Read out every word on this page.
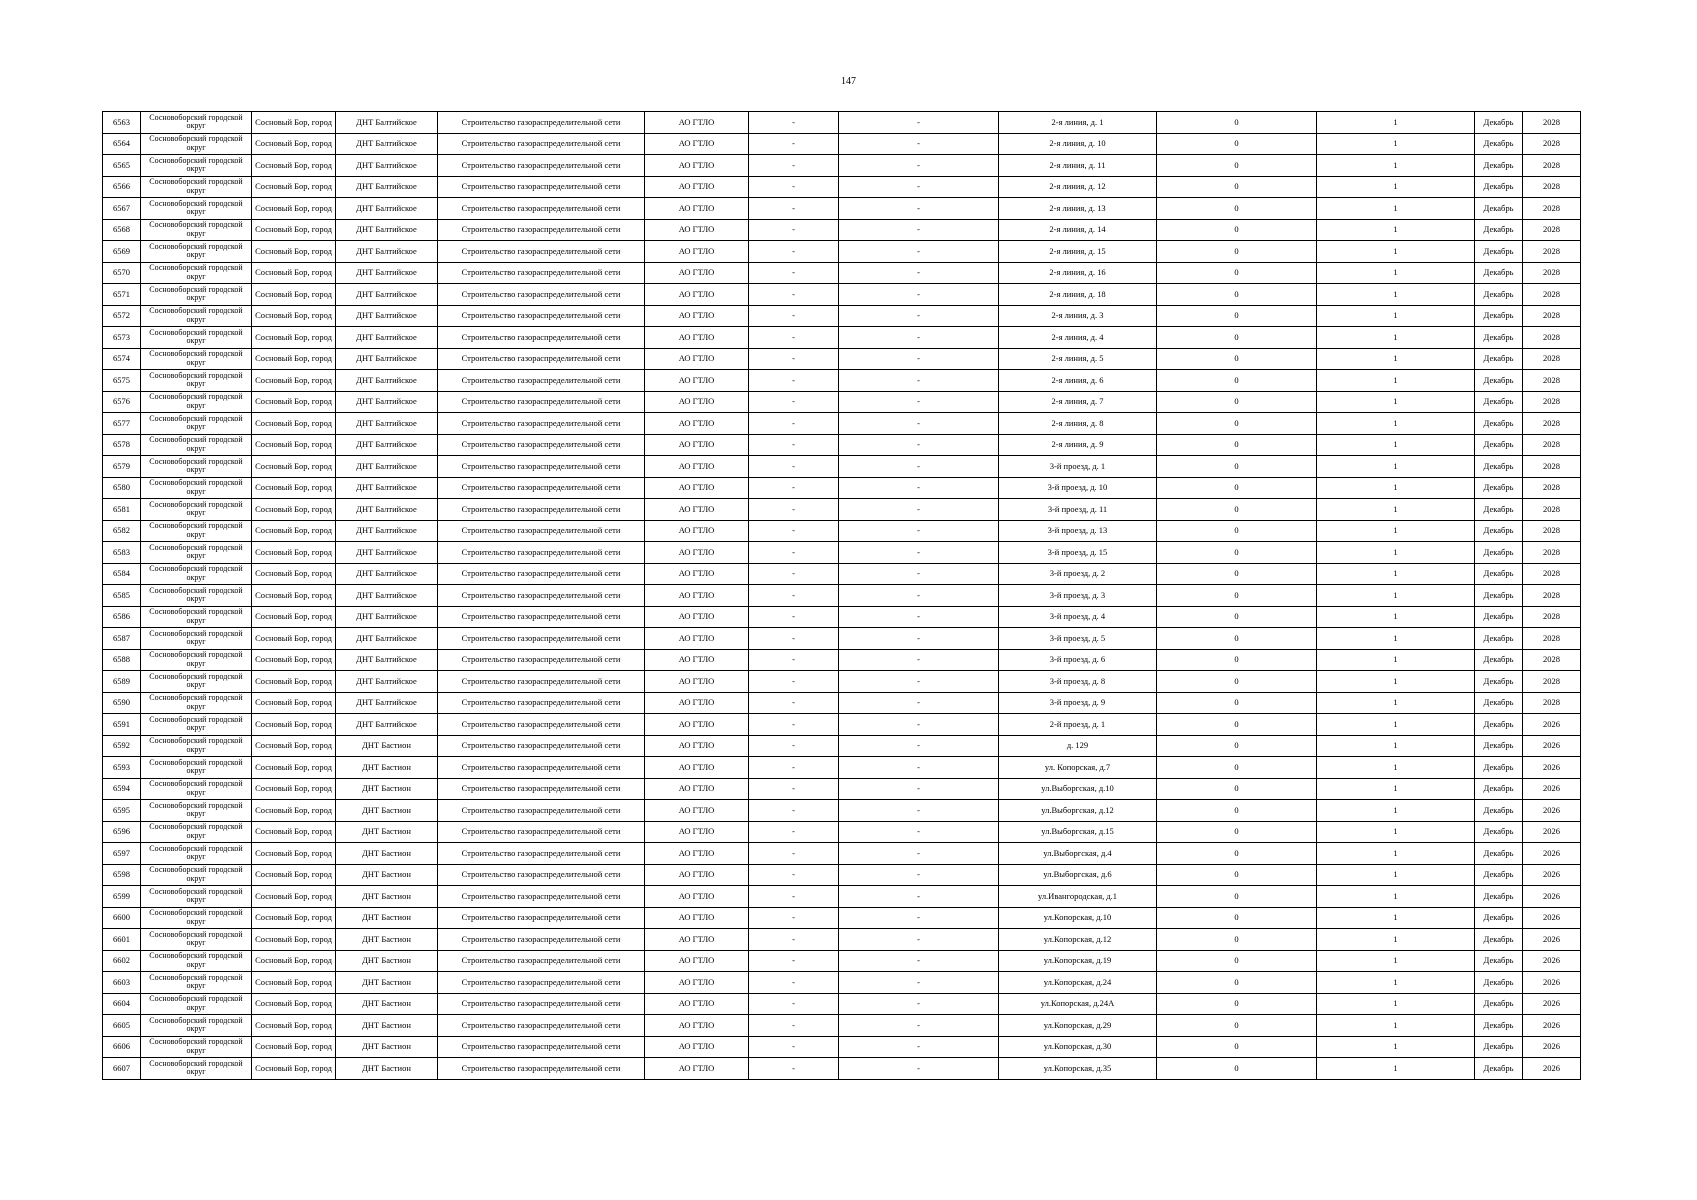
147
6563	Сосновоборский городской округ	Сосновый Бор, город	ДНТ Балтийское	Строительство газораспределительной сети	АО ГТЛО	-	-	2-я линия, д. 1	0	1	Декабрь	2028
6564	Сосновоборский городской округ	Сосновый Бор, город	ДНТ Балтийское	Строительство газораспределительной сети	АО ГТЛО	-	-	2-я линия, д. 10	0	1	Декабрь	2028
6565	Сосновоборский городской округ	Сосновый Бор, город	ДНТ Балтийское	Строительство газораспределительной сети	АО ГТЛО	-	-	2-я линия, д. 11	0	1	Декабрь	2028
6566	Сосновоборский городской округ	Сосновый Бор, город	ДНТ Балтийское	Строительство газораспределительной сети	АО ГТЛО	-	-	2-я линия, д. 12	0	1	Декабрь	2028
6567	Сосновоборский городской округ	Сосновый Бор, город	ДНТ Балтийское	Строительство газораспределительной сети	АО ГТЛО	-	-	2-я линия, д. 13	0	1	Декабрь	2028
6568	Сосновоборский городской округ	Сосновый Бор, город	ДНТ Балтийское	Строительство газораспределительной сети	АО ГТЛО	-	-	2-я линия, д. 14	0	1	Декабрь	2028
6569	Сосновоборский городской округ	Сосновый Бор, город	ДНТ Балтийское	Строительство газораспределительной сети	АО ГТЛО	-	-	2-я линия, д. 15	0	1	Декабрь	2028
6570	Сосновоборский городской округ	Сосновый Бор, город	ДНТ Балтийское	Строительство газораспределительной сети	АО ГТЛО	-	-	2-я линия, д. 16	0	1	Декабрь	2028
6571	Сосновоборский городской округ	Сосновый Бор, город	ДНТ Балтийское	Строительство газораспределительной сети	АО ГТЛО	-	-	2-я линия, д. 18	0	1	Декабрь	2028
6572	Сосновоборский городской округ	Сосновый Бор, город	ДНТ Балтийское	Строительство газораспределительной сети	АО ГТЛО	-	-	2-я линия, д. 3	0	1	Декабрь	2028
6573	Сосновоборский городской округ	Сосновый Бор, город	ДНТ Балтийское	Строительство газораспределительной сети	АО ГТЛО	-	-	2-я линия, д. 4	0	1	Декабрь	2028
6574	Сосновоборский городской округ	Сосновый Бор, город	ДНТ Балтийское	Строительство газораспределительной сети	АО ГТЛО	-	-	2-я линия, д. 5	0	1	Декабрь	2028
6575	Сосновоборский городской округ	Сосновый Бор, город	ДНТ Балтийское	Строительство газораспределительной сети	АО ГТЛО	-	-	2-я линия, д. 6	0	1	Декабрь	2028
6576	Сосновоборский городской округ	Сосновый Бор, город	ДНТ Балтийское	Строительство газораспределительной сети	АО ГТЛО	-	-	2-я линия, д. 7	0	1	Декабрь	2028
6577	Сосновоборский городской округ	Сосновый Бор, город	ДНТ Балтийское	Строительство газораспределительной сети	АО ГТЛО	-	-	2-я линия, д. 8	0	1	Декабрь	2028
6578	Сосновоборский городской округ	Сосновый Бор, город	ДНТ Балтийское	Строительство газораспределительной сети	АО ГТЛО	-	-	2-я линия, д. 9	0	1	Декабрь	2028
6579	Сосновоборский городской округ	Сосновый Бор, город	ДНТ Балтийское	Строительство газораспределительной сети	АО ГТЛО	-	-	3-й проезд, д. 1	0	1	Декабрь	2028
6580	Сосновоборский городской округ	Сосновый Бор, город	ДНТ Балтийское	Строительство газораспределительной сети	АО ГТЛО	-	-	3-й проезд, д. 10	0	1	Декабрь	2028
6581	Сосновоборский городской округ	Сосновый Бор, город	ДНТ Балтийское	Строительство газораспределительной сети	АО ГТЛО	-	-	3-й проезд, д. 11	0	1	Декабрь	2028
6582	Сосновоборский городской округ	Сосновый Бор, город	ДНТ Балтийское	Строительство газораспределительной сети	АО ГТЛО	-	-	3-й проезд, д. 13	0	1	Декабрь	2028
6583	Сосновоборский городской округ	Сосновый Бор, город	ДНТ Балтийское	Строительство газораспределительной сети	АО ГТЛО	-	-	3-й проезд, д. 15	0	1	Декабрь	2028
6584	Сосновоборский городской округ	Сосновый Бор, город	ДНТ Балтийское	Строительство газораспределительной сети	АО ГТЛО	-	-	3-й проезд, д. 2	0	1	Декабрь	2028
6585	Сосновоборский городской округ	Сосновый Бор, город	ДНТ Балтийское	Строительство газораспределительной сети	АО ГТЛО	-	-	3-й проезд, д. 3	0	1	Декабрь	2028
6586	Сосновоборский городской округ	Сосновый Бор, город	ДНТ Балтийское	Строительство газораспределительной сети	АО ГТЛО	-	-	3-й проезд, д. 4	0	1	Декабрь	2028
6587	Сосновоборский городской округ	Сосновый Бор, город	ДНТ Балтийское	Строительство газораспределительной сети	АО ГТЛО	-	-	3-й проезд, д. 5	0	1	Декабрь	2028
6588	Сосновоборский городской округ	Сосновый Бор, город	ДНТ Балтийское	Строительство газораспределительной сети	АО ГТЛО	-	-	3-й проезд, д. 6	0	1	Декабрь	2028
6589	Сосновоборский городской округ	Сосновый Бор, город	ДНТ Балтийское	Строительство газораспределительной сети	АО ГТЛО	-	-	3-й проезд, д. 8	0	1	Декабрь	2028
6590	Сосновоборский городской округ	Сосновый Бор, город	ДНТ Балтийское	Строительство газораспределительной сети	АО ГТЛО	-	-	3-й проезд, д. 9	0	1	Декабрь	2028
6591	Сосновоборский городской округ	Сосновый Бор, город	ДНТ Балтийское	Строительство газораспределительной сети	АО ГТЛО	-	-	2-й проезд, д. 1	0	1	Декабрь	2026
6592	Сосновоборский городской округ	Сосновый Бор, город	ДНТ Бастион	Строительство газораспределительной сети	АО ГТЛО	-	-	д. 129	0	1	Декабрь	2026
6593	Сосновоборский городской округ	Сосновый Бор, город	ДНТ Бастион	Строительство газораспределительной сети	АО ГТЛО	-	-	ул. Копорская, д.7	0	1	Декабрь	2026
6594	Сосновоборский городской округ	Сосновый Бор, город	ДНТ Бастион	Строительство газораспределительной сети	АО ГТЛО	-	-	ул.Выборгская, д.10	0	1	Декабрь	2026
6595	Сосновоборский городской округ	Сосновый Бор, город	ДНТ Бастион	Строительство газораспределительной сети	АО ГТЛО	-	-	ул.Выборгская, д.12	0	1	Декабрь	2026
6596	Сосновоборский городской округ	Сосновый Бор, город	ДНТ Бастион	Строительство газораспределительной сети	АО ГТЛО	-	-	ул.Выборгская, д.15	0	1	Декабрь	2026
6597	Сосновоборский городской округ	Сосновый Бор, город	ДНТ Бастион	Строительство газораспределительной сети	АО ГТЛО	-	-	ул.Выборгская, д.4	0	1	Декабрь	2026
6598	Сосновоборский городской округ	Сосновый Бор, город	ДНТ Бастион	Строительство газораспределительной сети	АО ГТЛО	-	-	ул.Выборгская, д.6	0	1	Декабрь	2026
6599	Сосновоборский городской округ	Сосновый Бор, город	ДНТ Бастион	Строительство газораспределительной сети	АО ГТЛО	-	-	ул.Ивангородская, д.1	0	1	Декабрь	2026
6600	Сосновоборский городской округ	Сосновый Бор, город	ДНТ Бастион	Строительство газораспределительной сети	АО ГТЛО	-	-	ул.Копорская, д.10	0	1	Декабрь	2026
6601	Сосновоборский городской округ	Сосновый Бор, город	ДНТ Бастион	Строительство газораспределительной сети	АО ГТЛО	-	-	ул.Копорская, д.12	0	1	Декабрь	2026
6602	Сосновоборский городской округ	Сосновый Бор, город	ДНТ Бастион	Строительство газораспределительной сети	АО ГТЛО	-	-	ул.Копорская, д.19	0	1	Декабрь	2026
6603	Сосновоборский городской округ	Сосновый Бор, город	ДНТ Бастион	Строительство газораспределительной сети	АО ГТЛО	-	-	ул.Копорская, д.24	0	1	Декабрь	2026
6604	Сосновоборский городской округ	Сосновый Бор, город	ДНТ Бастион	Строительство газораспределительной сети	АО ГТЛО	-	-	ул.Копорская, д.24А	0	1	Декабрь	2026
6605	Сосновоборский городской округ	Сосновый Бор, город	ДНТ Бастион	Строительство газораспределительной сети	АО ГТЛО	-	-	ул.Копорская, д.29	0	1	Декабрь	2026
6606	Сосновоборский городской округ	Сосновый Бор, город	ДНТ Бастион	Строительство газораспределительной сети	АО ГТЛО	-	-	ул.Копорская, д.30	0	1	Декабрь	2026
6607	Сосновоборский городской округ	Сосновый Бор, город	ДНТ Бастион	Строительство газораспределительной сети	АО ГТЛО	-	-	ул.Копорская, д.35	0	1	Декабрь	2026
